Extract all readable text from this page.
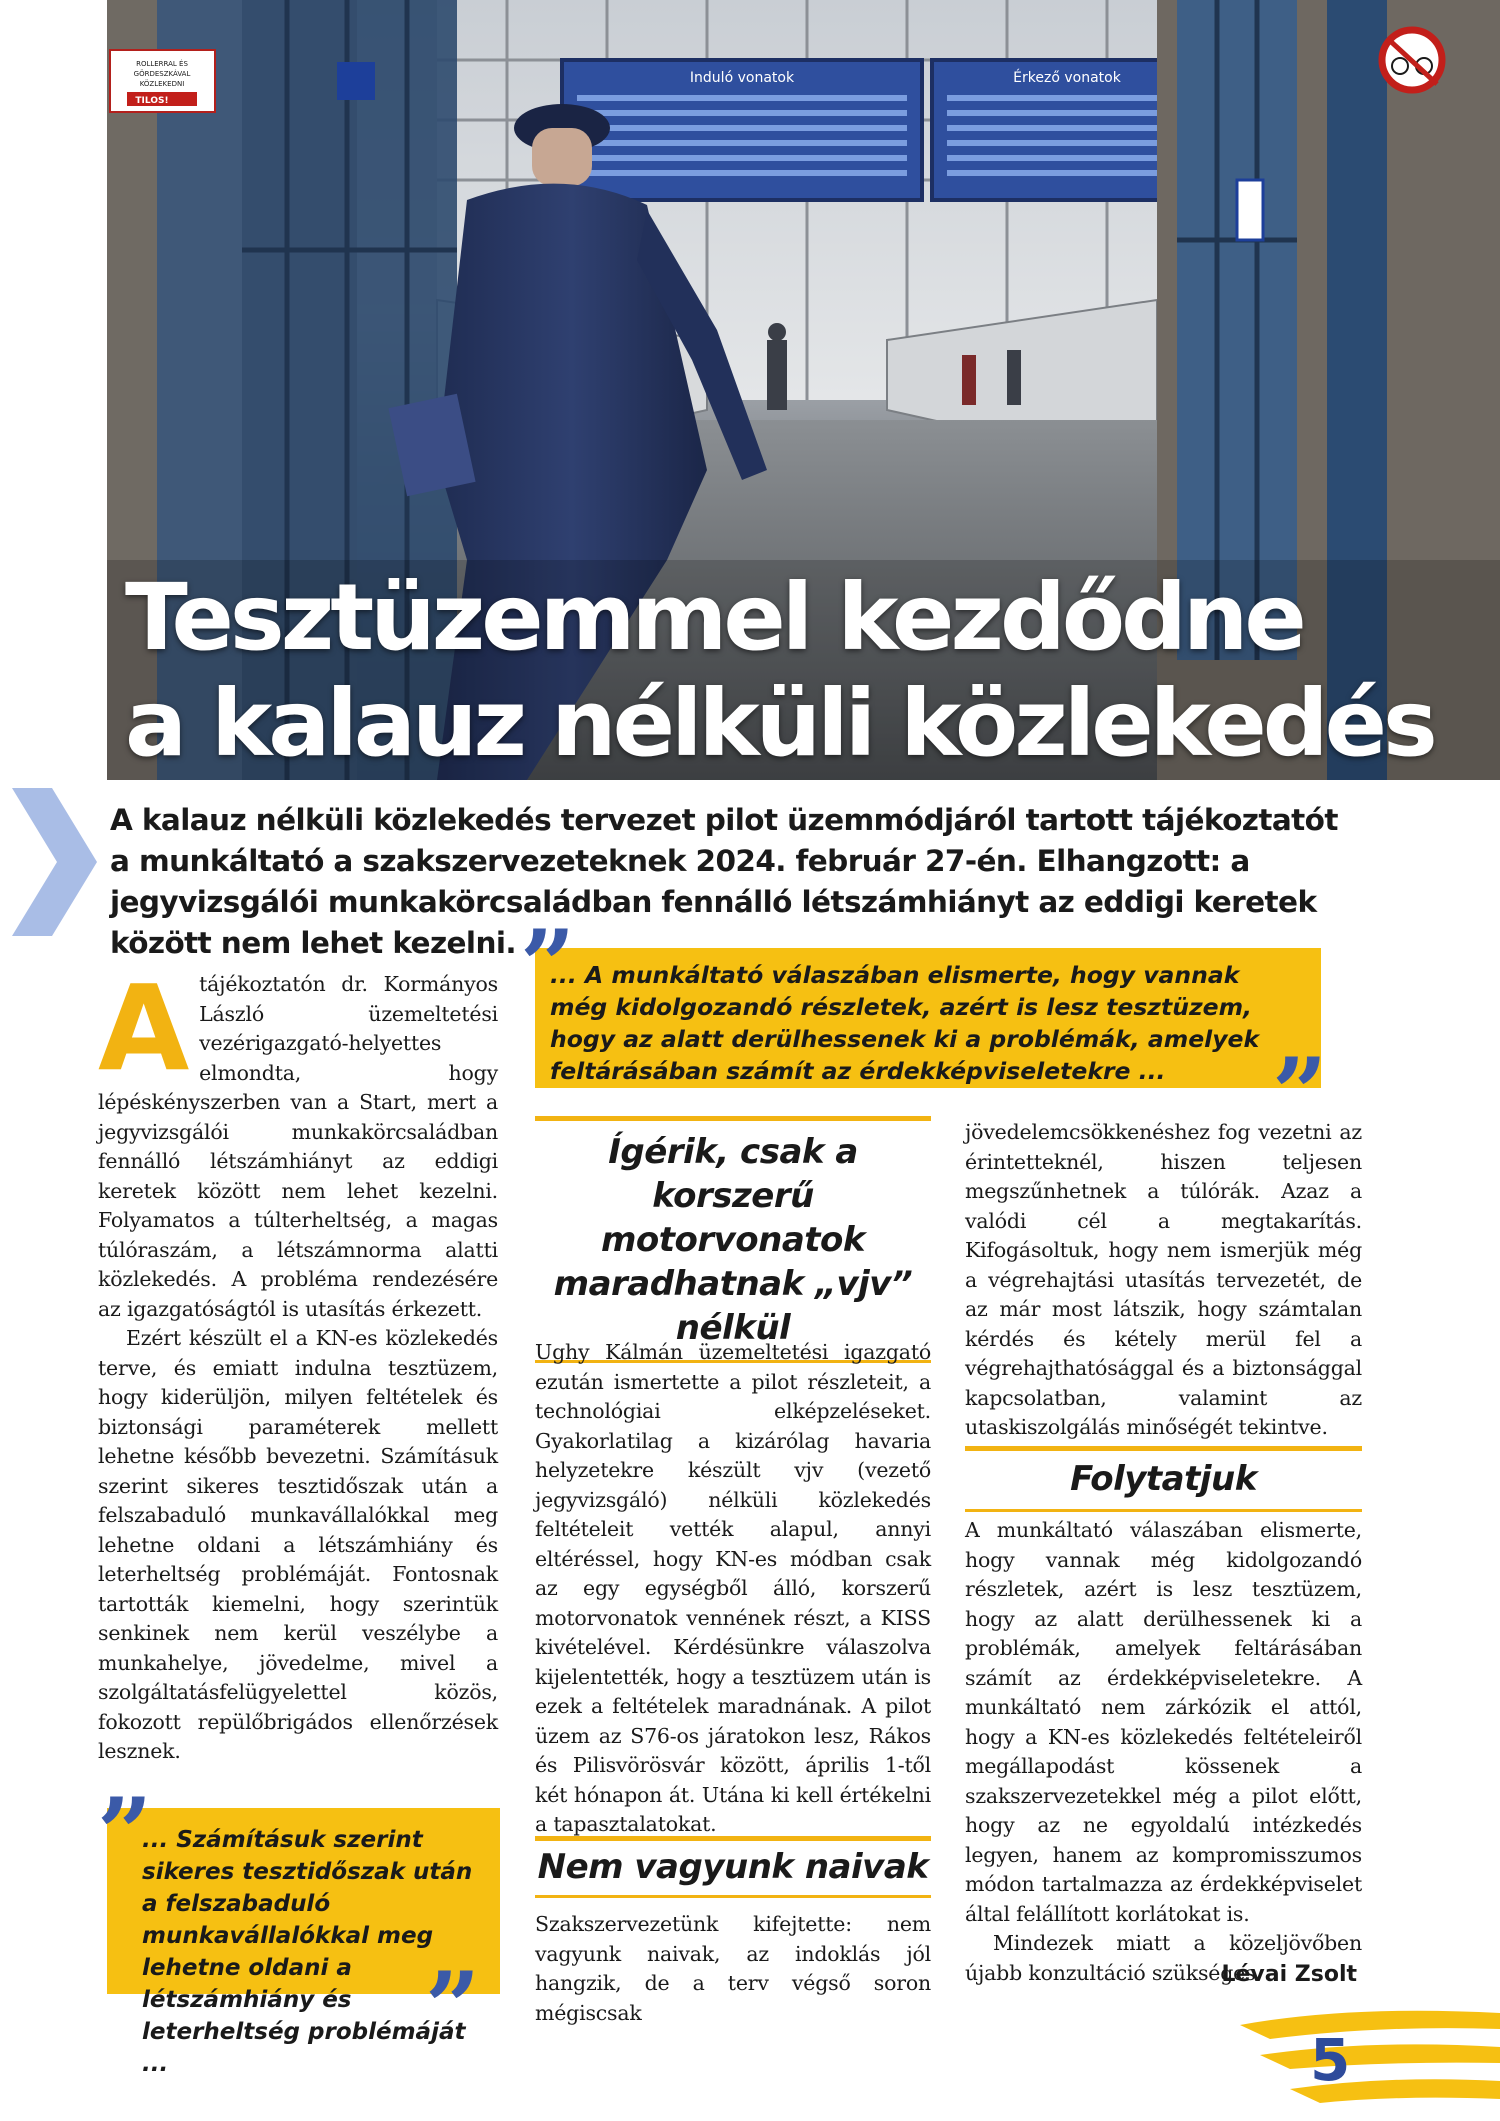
Induló vonatok	Érkező vonatok
ROLLERRAL ÉS
GÖRDESZKÁVAL
KÖZLEKEDNI
TILOS!
Tesztüzemmel kezdődne
a kalauz nélküli közlekedés

A kalauz nélküli közlekedés tervezet pilot üzemmódjáról tartott tájékoztatót a munkáltató a szakszervezeteknek 2024. február 27-én. Elhangzott: a jegyvizsgálói munkakörcsaládban fennálló létszámhiányt az eddigi keretek között nem lehet kezelni.

... A munkáltató válaszában elismerte, hogy vannak még kidolgozandó részletek, azért is lesz tesztüzem, hogy az alatt derülhessenek ki a problémák, amelyek feltárásában számít az érdekképviseletekre ...
”
”

Atájékoztatón dr. Kormányos László üzemeltetési vezérigazgató-helyettes elmondta, hogy lépéskényszerben van a Start, mert a jegyvizsgálói munkakörcsaládban fennálló létszámhiányt az eddigi keretek között nem lehet kezelni. Folyamatos a túlterheltség, a magas túlóraszám, a létszámnorma alatti közlekedés. A probléma rendezésére az igazgatóságtól is utasítás érkezett.

Ezért készült el a KN-es közlekedés terve, és emiatt indulna tesztüzem, hogy kiderüljön, milyen feltételek és biztonsági paraméterek mellett lehetne később bevezetni. Számításuk szerint sikeres tesztidőszak után a felszabaduló munkavállalókkal meg lehetne oldani a létszámhiány és leterheltség problémáját. Fontosnak tartották kiemelni, hogy szerintük senkinek nem kerül veszélybe a munkahelye, jövedelme, mivel a szolgáltatásfelügyelettel közös, fokozott repülőbrigádos ellenőrzések lesznek.

... Számításuk szerint sikeres tesztidőszak után a felszabaduló munkavállalókkal meg lehetne oldani a létszámhiány és leterheltség problémáját ...
”
”
Ígérik, csak a korszerű motorvonatok maradhatnak „vjv” nélkül

Ughy Kálmán üzemeltetési igazgató ezután ismertette a pilot részleteit, a technológiai elképzeléseket. Gyakorlatilag a kizárólag havaria helyzetekre készült vjv (vezető jegyvizsgáló) nélküli közlekedés feltételeit vették alapul, annyi eltéréssel, hogy KN-es módban csak az egy egységből álló, korszerű motorvonatok vennének részt, a KISS kivételével. Kérdésünkre válaszolva kijelentették, hogy a tesztüzem után is ezek a feltételek maradnának. A pilot üzem az S76-os járatokon lesz, Rákos és Pilisvörösvár között, április 1-től két hónapon át. Utána ki kell értékelni a tapasztalatokat.

Nem vagyunk naivak

Szakszervezetünk kifejtette: nem vagyunk naivak, az indoklás jól hangzik, de a terv végső soron mégiscsak

jövedelemcsökkenéshez fog vezetni az érintetteknél, hiszen teljesen megszűnhetnek a túlórák. Azaz a valódi cél a megtakarítás. Kifogásoltuk, hogy nem ismerjük még a végrehajtási utasítás tervezetét, de az már most látszik, hogy számtalan kérdés és kétely merül fel a végrehajthatósággal és a biztonsággal kapcsolatban, valamint az utaskiszolgálás minőségét tekintve.

Folytatjuk

A munkáltató válaszában elismerte, hogy vannak még kidolgozandó részletek, azért is lesz tesztüzem, hogy az alatt derülhessenek ki a problémák, amelyek feltárásában számít az érdekképviseletekre. A munkáltató nem zárkózik el attól, hogy a KN-es közlekedés feltételeiről megállapodást kössenek a szakszervezetekkel még a pilot előtt, hogy az ne egyoldalú intézkedés legyen, hanem az kompromisszumos módon tartalmazza az érdekképviselet által felállított korlátokat is.

Mindezek miatt a közeljövőben újabb konzultáció szükséges.

Lévai Zsolt
5
